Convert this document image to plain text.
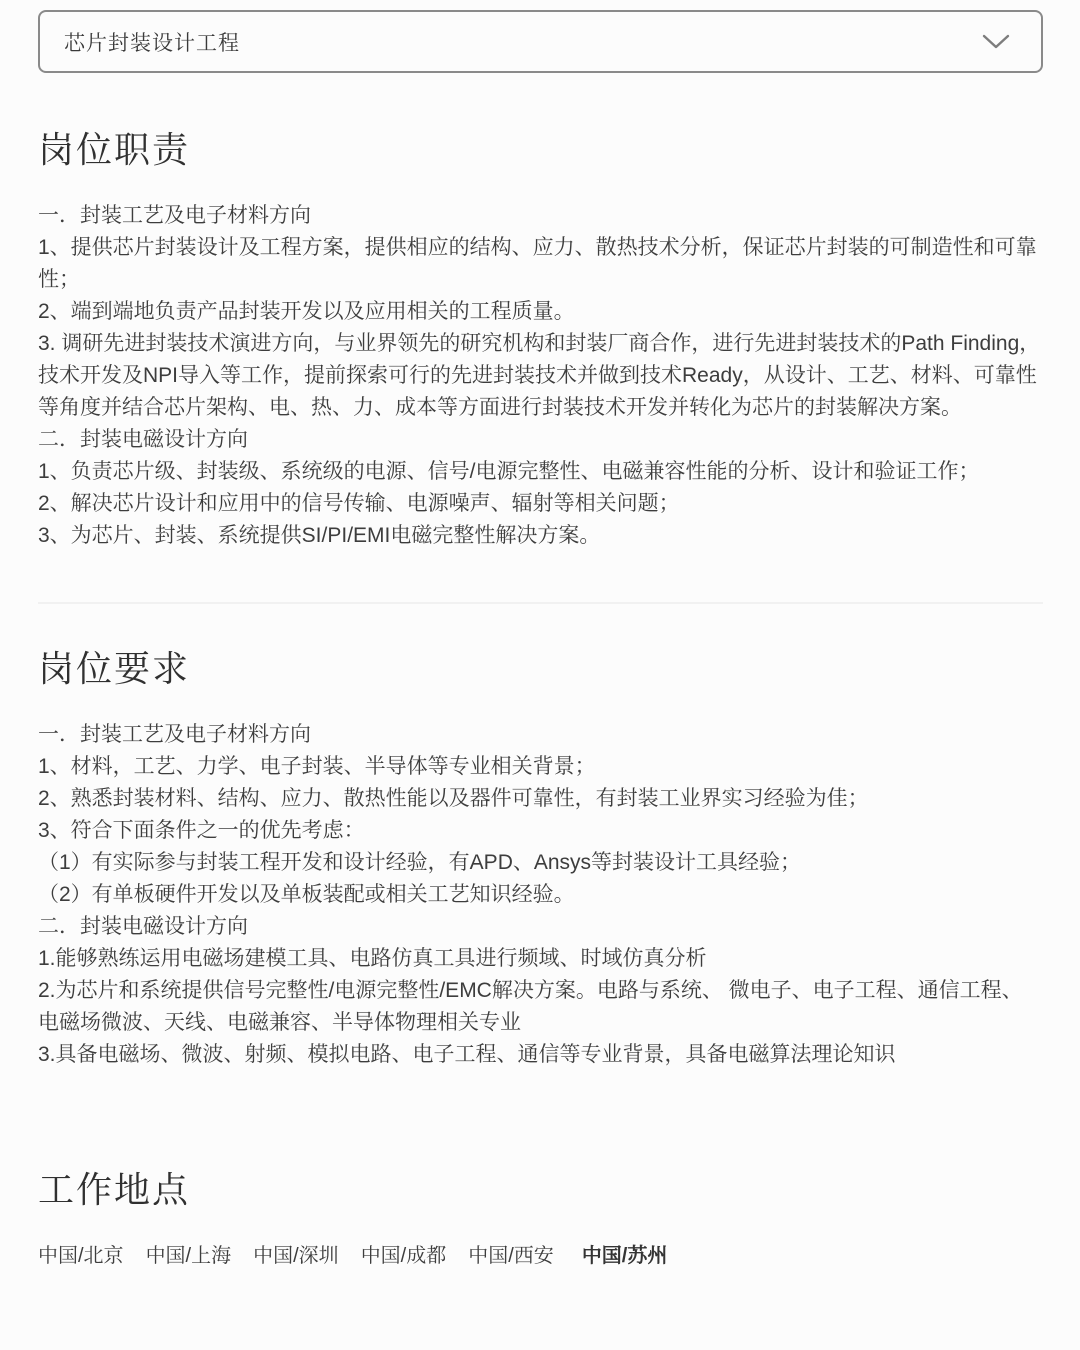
芯片封装设计工程
岗位职责

一．封装工艺及电子材料方向

1、提供芯片封装设计及工程方案，提供相应的结构、应力、散热技术分析，保证芯片封装的可制造性和可靠性；

2、端到端地负责产品封装开发以及应用相关的工程质量。

3. 调研先进封装技术演进方向，与业界领先的研究机构和封装厂商合作，进行先进封装技术的Path Finding，技术开发及NPI导入等工作，提前探索可行的先进封装技术并做到技术Ready，从设计、工艺、材料、可靠性等角度并结合芯片架构、电、热、力、成本等方面进行封装技术开发并转化为芯片的封装解决方案。

二．封装电磁设计方向

1、负责芯片级、封装级、系统级的电源、信号/电源完整性、电磁兼容性能的分析、设计和验证工作；

2、解决芯片设计和应用中的信号传输、电源噪声、辐射等相关问题；

3、为芯片、封装、系统提供SI/PI/EMI电磁完整性解决方案。

岗位要求

一．封装工艺及电子材料方向

1、材料，工艺、力学、电子封装、半导体等专业相关背景；

2、熟悉封装材料、结构、应力、散热性能以及器件可靠性，有封装工业界实习经验为佳；

3、符合下面条件之一的优先考虑：

（1）有实际参与封装工程开发和设计经验，有APD、Ansys等封装设计工具经验；

（2）有单板硬件开发以及单板装配或相关工艺知识经验。

二．封装电磁设计方向

1.能够熟练运用电磁场建模工具、电路仿真工具进行频域、时域仿真分析

2.为芯片和系统提供信号完整性/电源完整性/EMC解决方案。电路与系统、 微电子、电子工程、通信工程、电磁场微波、天线、电磁兼容、半导体物理相关专业

3.具备电磁场、微波、射频、模拟电路、电子工程、通信等专业背景，具备电磁算法理论知识

工作地点
中国/北京 中国/上海 中国/深圳 中国/成都 中国/西安 中国/苏州
